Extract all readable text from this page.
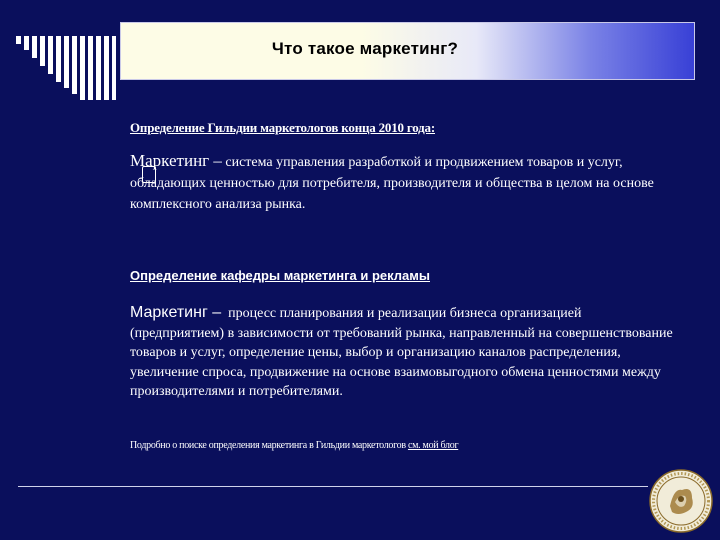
Что такое маркетинг?
Определение Гильдии маркетологов конца 2010 года:
Маркетинг – система управления разработкой и продвижением товаров и услуг, обладающих ценностью для потребителя, производителя и общества в целом на основе комплексного анализа рынка.
Определение кафедры маркетинга и рекламы
Маркетинг – процесс планирования и реализации бизнеса организацией (предприятием) в зависимости от требований рынка, направленный на совершенствование товаров и услуг, определение цены, выбор и организацию каналов распределения, увеличение спроса, продвижение на основе взаимовыгодного обмена ценностями между производителями и потребителями.
Подробно о поиске определения маркетинга в Гильдии маркетологов см. мой блог
